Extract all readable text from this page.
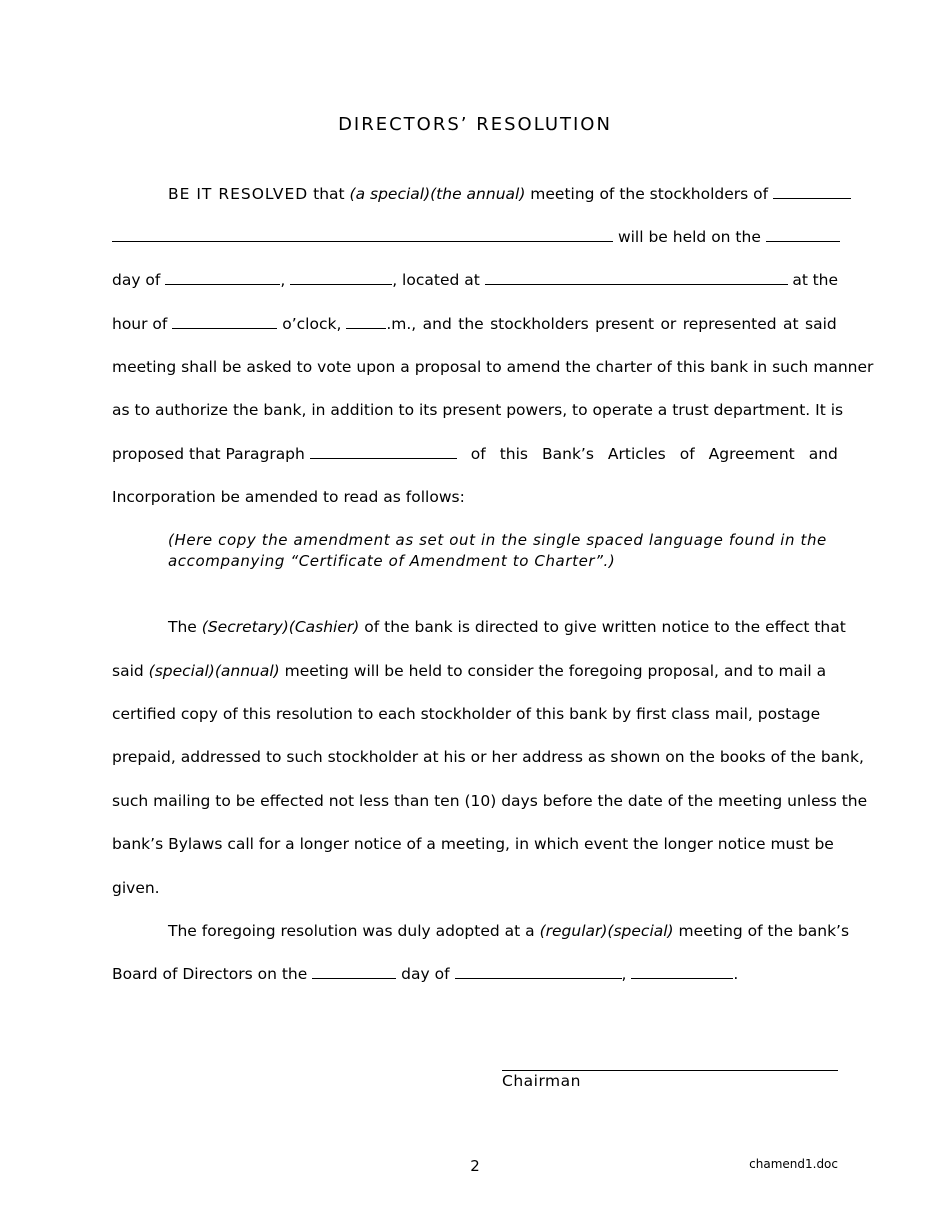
DIRECTORS’ RESOLUTION
BE IT RESOLVED that (a special)(the annual) meeting of the stockholders of
will be held on the
day of	,	, located at	at the
hour of	o’clock,	.m., and the stockholders present or represented at said
meeting shall be asked to vote upon a proposal to amend the charter of this bank in such manner
as to authorize the bank, in addition to its present powers, to operate a trust department. It is
proposed that Paragraph	of this Bank’s Articles of Agreement and
Incorporation be amended to read as follows:
(Here copy the amendment as set out in the single spaced language found in the
accompanying “Certificate of Amendment to Charter”.)
The (Secretary)(Cashier) of the bank is directed to give written notice to the effect that
said (special)(annual) meeting will be held to consider the foregoing proposal, and to mail a
certified copy of this resolution to each stockholder of this bank by first class mail, postage
prepaid, addressed to such stockholder at his or her address as shown on the books of the bank,
such mailing to be effected not less than ten (10) days before the date of the meeting unless the
bank’s Bylaws call for a longer notice of a meeting, in which event the longer notice must be
given.
The foregoing resolution was duly adopted at a (regular)(special) meeting of the bank’s
Board of Directors on the	day of	,	.
Chairman
2	chamend1.doc
